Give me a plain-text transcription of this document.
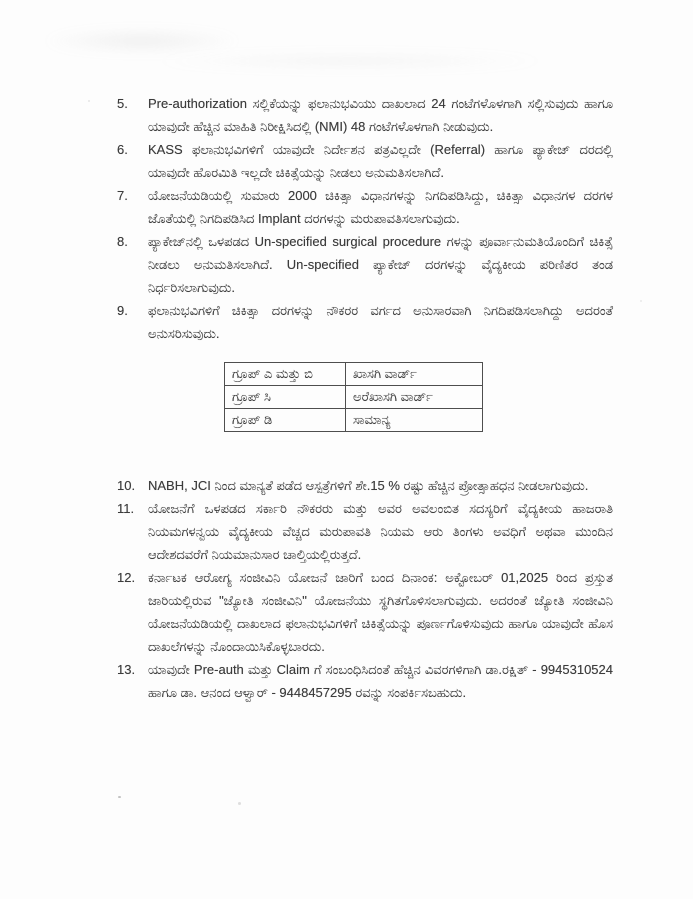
5.	Pre-authorization ಸಲ್ಲಿಕೆಯನ್ನು ಫಲಾನುಭವಿಯು ದಾಖಲಾದ 24 ಗಂಟೆಗಳೊಳಗಾಗಿ ಸಲ್ಲಿಸುವುದು ಹಾಗೂ ಯಾವುದೇ ಹೆಚ್ಚಿನ ಮಾಹಿತಿ ನಿರೀಕ್ಷಿಸಿದಲ್ಲಿ (NMI) 48 ಗಂಟೆಗಳೊಳಗಾಗಿ ನೀಡುವುದು.

6.	KASS ಫಲಾನುಭವಿಗಳಿಗೆ ಯಾವುದೇ ನಿರ್ದೇಶನ ಪತ್ರವಿಲ್ಲದೇ (Referral) ಹಾಗೂ ಪ್ಯಾಕೇಜ್ ದರದಲ್ಲಿ ಯಾವುದೇ ಹೊರಮಿತಿ ಇಲ್ಲದೇ ಚಿಕಿತ್ಸೆಯನ್ನು ನೀಡಲು ಅನುಮತಿಸಲಾಗಿದೆ.

7.	ಯೋಜನೆಯಡಿಯಲ್ಲಿ ಸುಮಾರು 2000 ಚಿಕಿತ್ಸಾ ವಿಧಾನಗಳನ್ನು ನಿಗದಿಪಡಿಸಿದ್ದು, ಚಿಕಿತ್ಸಾ ವಿಧಾನಗಳ ದರಗಳ ಜೊತೆಯಲ್ಲಿ ನಿಗದಿಪಡಿಸಿದ Implant ದರಗಳನ್ನು ಮರುಪಾವತಿಸಲಾಗುವುದು.

8.	ಪ್ಯಾಕೇಜ್‌ನಲ್ಲಿ ಒಳಪಡದ Un-specified surgical procedure ಗಳನ್ನು ಪೂರ್ವಾನುಮತಿಯೊಂದಿಗೆ ಚಿಕಿತ್ಸೆ ನೀಡಲು ಅನುಮತಿಸಲಾಗಿದೆ. Un-specified ಪ್ಯಾಕೇಜ್ ದರಗಳನ್ನು ವೈದ್ಯಕೀಯ ಪರಿಣಿತರ ತಂಡ ನಿರ್ಧರಿಸಲಾಗುವುದು.

9.	ಫಲಾನುಭವಿಗಳಿಗೆ ಚಿಕಿತ್ಸಾ ದರಗಳನ್ನು ನೌಕರರ ವರ್ಗದ ಅನುಸಾರವಾಗಿ ನಿಗದಿಪಡಿಸಲಾಗಿದ್ದು ಅದರಂತೆ ಅನುಸರಿಸುವುದು.

ಗ್ರೂಪ್ ಎ ಮತ್ತು ಬಿ	ಖಾಸಗಿ ವಾರ್ಡ್
ಗ್ರೂಪ್ ಸಿ	ಅರೆಖಾಸಗಿ ವಾರ್ಡ್
ಗ್ರೂಪ್ ಡಿ	ಸಾಮಾನ್ಯ
10. NABH, JCI ನಿಂದ ಮಾನ್ಯತೆ ಪಡೆದ ಆಸ್ಪತ್ರೆಗಳಿಗೆ ಶೇ.15 % ರಷ್ಟು ಹೆಚ್ಚಿನ ಪ್ರೋತ್ಸಾಹಧನ ನೀಡಲಾಗುವುದು.

11.	ಯೋಜನೆಗೆ ಒಳಪಡದ ಸರ್ಕಾರಿ ನೌಕರರು ಮತ್ತು ಅವರ ಅವಲಂಬಿತ ಸದಸ್ಯರಿಗೆ ವೈದ್ಯಕೀಯ ಹಾಜರಾತಿ ನಿಯಮಗಳನ್ವಯ ವೈದ್ಯಕೀಯ ವೆಚ್ಚದ ಮರುಪಾವತಿ ನಿಯಮ ಆರು ತಿಂಗಳು ಅವಧಿಗೆ ಅಥವಾ ಮುಂದಿನ ಆದೇಶದವರೆಗೆ ನಿಯಮಾನುಸಾರ ಚಾಲ್ತಿಯಲ್ಲಿರುತ್ತದೆ.

12. ಕರ್ನಾಟಕ ಆರೋಗ್ಯ ಸಂಜೀವಿನಿ ಯೋಜನೆ ಜಾರಿಗೆ ಬಂದ ದಿನಾಂಕ: ಅಕ್ಟೋಬರ್ 01,2025 ರಿಂದ ಪ್ರಸ್ತುತ ಜಾರಿಯಲ್ಲಿರುವ "ಜ್ಯೋತಿ ಸಂಜೀವಿನಿ" ಯೋಜನೆಯು ಸ್ಥಗಿತಗೊಳಿಸಲಾಗುವುದು. ಅದರಂತೆ ಜ್ಯೋತಿ ಸಂಜೀವಿನಿ ಯೋಜನೆಯಡಿಯಲ್ಲಿ ದಾಖಲಾದ ಫಲಾನುಭವಿಗಳಿಗೆ ಚಿಕಿತ್ಸೆಯನ್ನು ಪೂರ್ಣಗೊಳಿಸುವುದು ಹಾಗೂ ಯಾವುದೇ ಹೊಸ ದಾಖಲೆಗಳನ್ನು ನೊಂದಾಯಿಸಿಕೊಳ್ಳಬಾರದು.

13. ಯಾವುದೇ Pre-auth ಮತ್ತು Claim ಗೆ ಸಂಬಂಧಿಸಿದಂತೆ ಹೆಚ್ಚಿನ ವಿವರಗಳಿಗಾಗಿ ಡಾ.ರಕ್ಷಿತ್ - 9945310524 ಹಾಗೂ ಡಾ. ಆನಂದ ಆಳ್ವಾರ್ - 9448457295 ರವನ್ನು ಸಂಪರ್ಕಿಸಬಹುದು.
